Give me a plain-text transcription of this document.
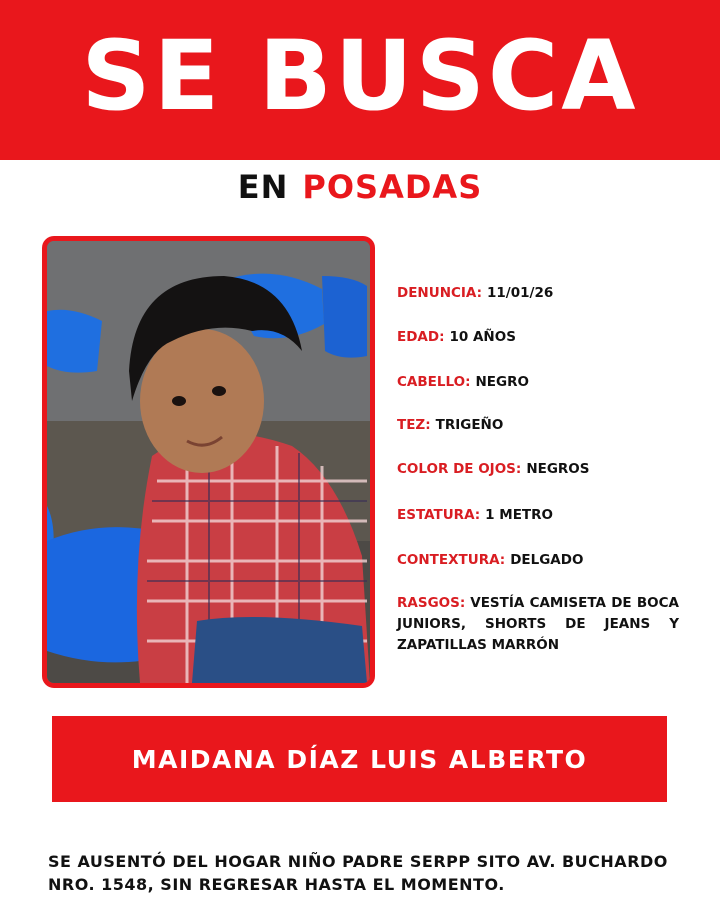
SE BUSCA
EN POSADAS
DENUNCIA: 11/01/26
EDAD: 10 AÑOS
CABELLO: NEGRO
TEZ: TRIGEÑO
COLOR DE OJOS: NEGROS
ESTATURA: 1 METRO
CONTEXTURA: DELGADO
RASGOS: VESTÍA CAMISETA DE BOCA JUNIORS, SHORTS DE JEANS Y ZAPATILLAS MARRÓN
MAIDANA DÍAZ LUIS ALBERTO
SE AUSENTÓ DEL HOGAR NIÑO PADRE SERPP SITO AV. BUCHARDO NRO. 1548, SIN REGRESAR HASTA EL MOMENTO.
